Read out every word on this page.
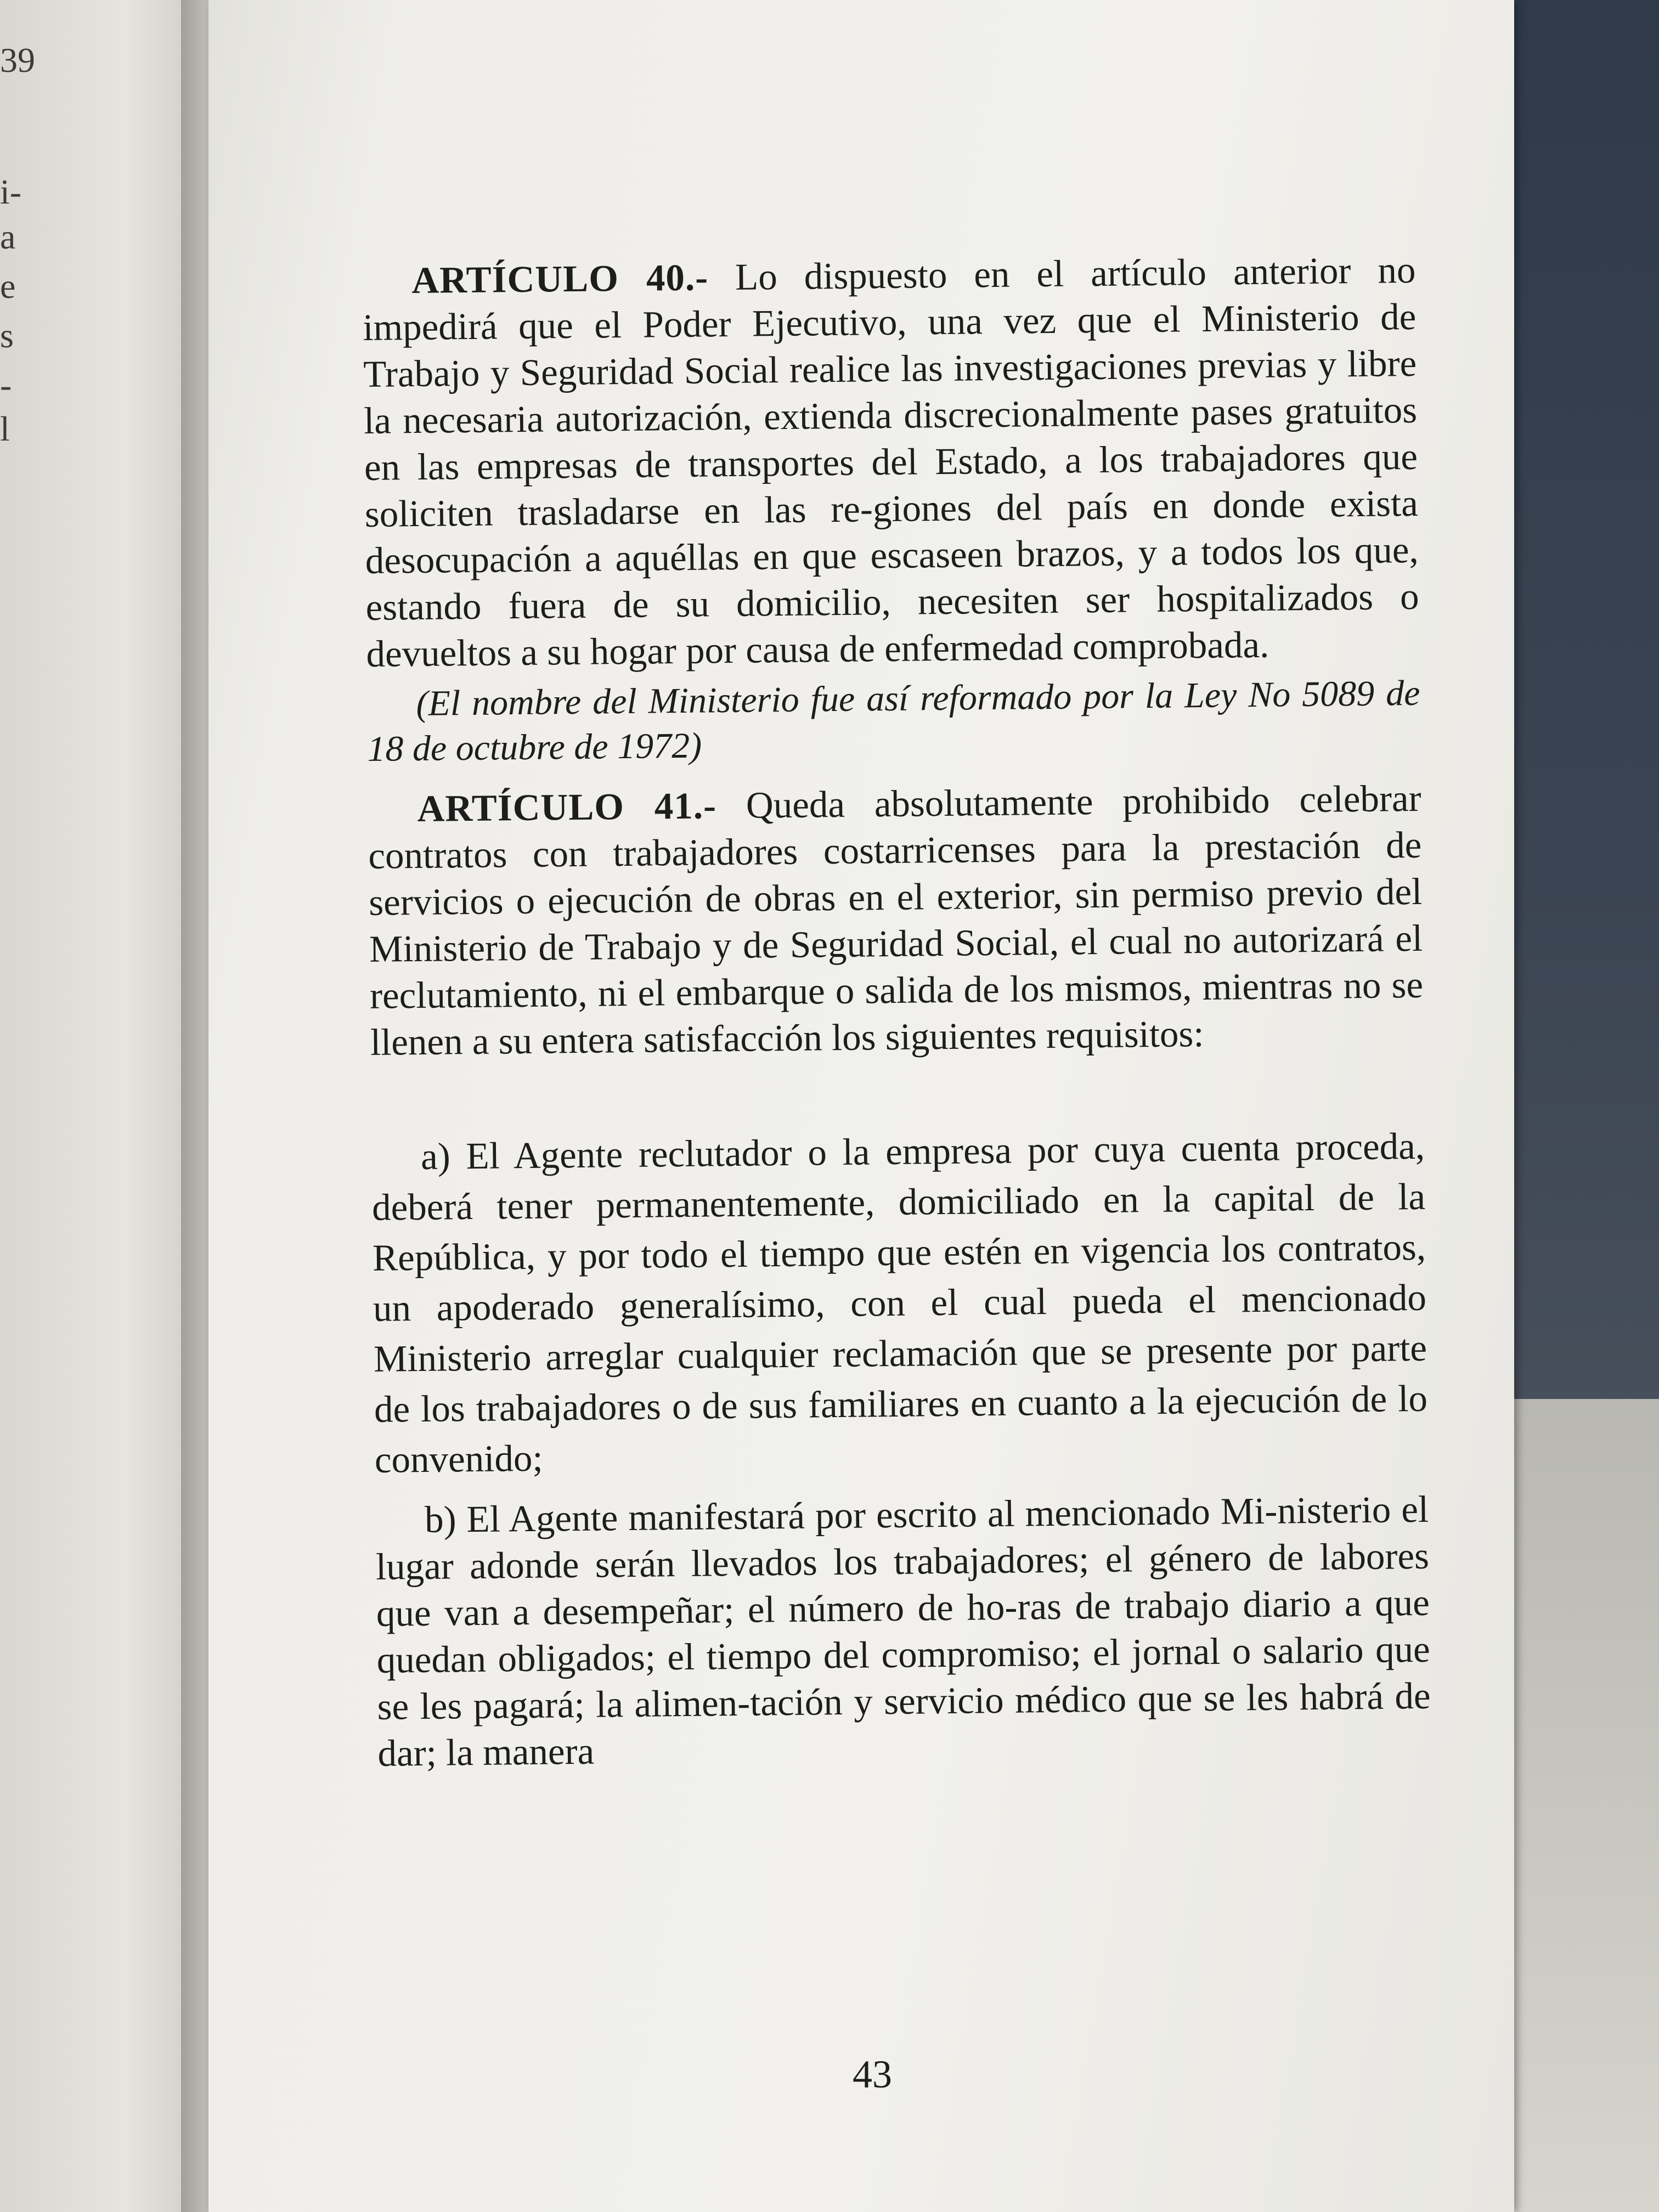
39
i-
a
e
s
-
l

ARTÍCULO 40.- Lo dispuesto en el artículo anterior no impedirá que el Poder Ejecutivo, una vez que el Ministerio de Trabajo y Seguridad Social realice las investigaciones previas y libre la necesaria autorización, extienda discrecionalmente pases gratuitos en las empresas de transportes del Estado, a los trabajadores que soliciten trasladarse en las re-giones del país en donde exista desocupación a aquéllas en que escaseen brazos, y a todos los que, estando fuera de su domicilio, necesiten ser hospitalizados o devueltos a su hogar por causa de enfermedad comprobada.

(El nombre del Ministerio fue así reformado por la Ley No 5089 de 18 de octubre de 1972)

ARTÍCULO 41.- Queda absolutamente prohibido celebrar contratos con trabajadores costarricenses para la prestación de servicios o ejecución de obras en el exterior, sin permiso previo del Ministerio de Trabajo y de Seguridad Social, el cual no autorizará el reclutamiento, ni el embarque o salida de los mismos, mientras no se llenen a su entera satisfacción los siguientes requisitos:

a) El Agente reclutador o la empresa por cuya cuenta proceda, deberá tener permanentemente, domiciliado en la capital de la República, y por todo el tiempo que estén en vigencia los contratos, un apoderado generalísimo, con el cual pueda el mencionado Ministerio arreglar cualquier reclamación que se presente por parte de los trabajadores o de sus familiares en cuanto a la ejecución de lo convenido;

b) El Agente manifestará por escrito al mencionado Mi-nisterio el lugar adonde serán llevados los trabajadores; el género de labores que van a desempeñar; el número de ho-ras de trabajo diario a que quedan obligados; el tiempo del compromiso; el jornal o salario que se les pagará; la alimen-tación y servicio médico que se les habrá de dar; la manera

43
